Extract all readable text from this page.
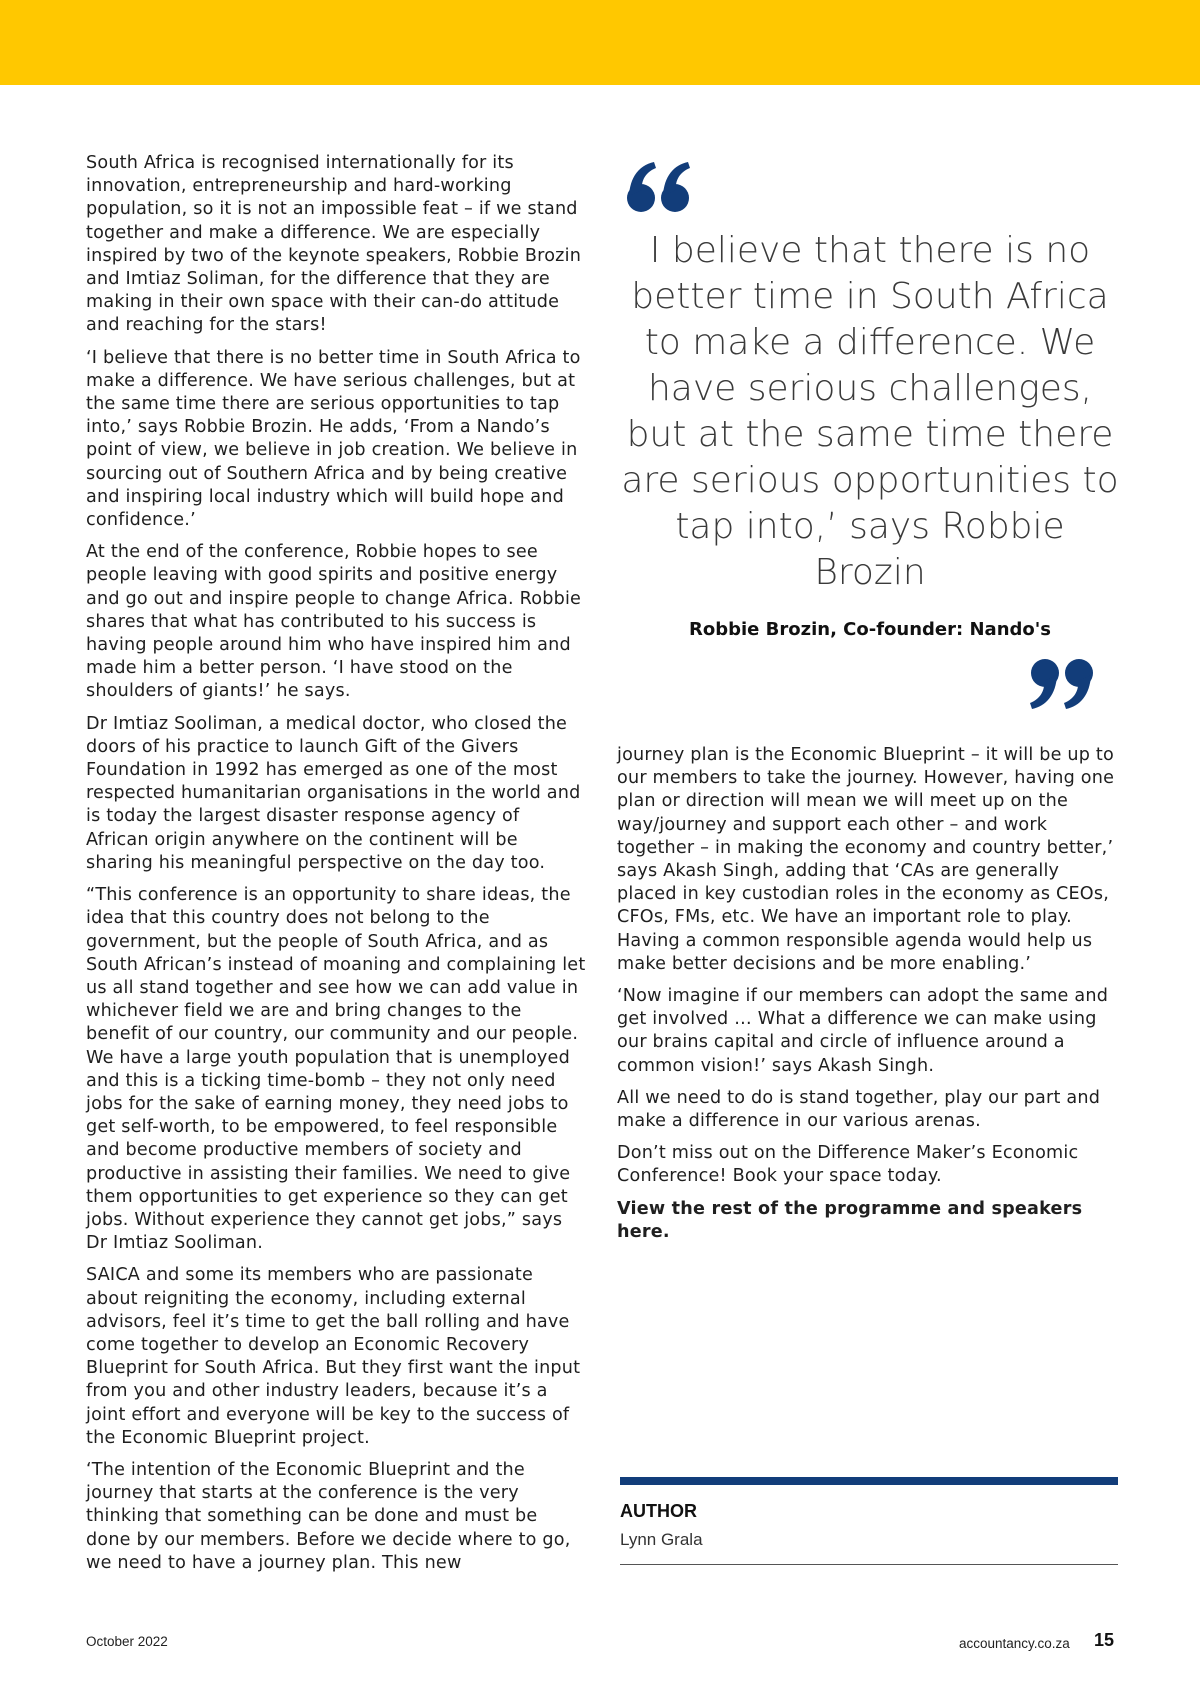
South Africa is recognised internationally for its innovation, entrepreneurship and hard-working population, so it is not an impossible feat – if we stand together and make a difference. We are especially inspired by two of the keynote speakers, Robbie Brozin and Imtiaz Soliman, for the difference that they are making in their own space with their can-do attitude and reaching for the stars!

‘I believe that there is no better time in South Africa to make a difference. We have serious challenges, but at the same time there are serious opportunities to tap into,’ says Robbie Brozin. He adds, ‘From a Nando’s point of view, we believe in job creation. We believe in sourcing out of Southern Africa and by being creative and inspiring local industry which will build hope and confidence.’

At the end of the conference, Robbie hopes to see people leaving with good spirits and positive energy and go out and inspire people to change Africa. Robbie shares that what has contributed to his success is having people around him who have inspired him and made him a better person. ‘I have stood on the shoulders of giants!’ he says.

Dr Imtiaz Sooliman, a medical doctor, who closed the doors of his practice to launch Gift of the Givers Foundation in 1992 has emerged as one of the most respected humanitarian organisations in the world and is today the largest disaster response agency of African origin anywhere on the continent will be sharing his meaningful perspective on the day too.

“This conference is an opportunity to share ideas, the idea that this country does not belong to the government, but the people of South Africa, and as South African’s instead of moaning and complaining let us all stand together and see how we can add value in whichever field we are and bring changes to the benefit of our country, our community and our people. We have a large youth population that is unemployed and this is a ticking time-bomb – they not only need jobs for the sake of earning money, they need jobs to get self-worth, to be empowered, to feel responsible and become productive members of society and productive in assisting their families. We need to give them opportunities to get experience so they can get jobs. Without experience they cannot get jobs,” says Dr Imtiaz Sooliman.

SAICA and some its members who are passionate about reigniting the economy, including external advisors, feel it’s time to get the ball rolling and have come together to develop an Economic Recovery Blueprint for South Africa. But they first want the input from you and other industry leaders, because it’s a joint effort and everyone will be key to the success of the Economic Blueprint project.

‘The intention of the Economic Blueprint and the journey that starts at the conference is the very thinking that something can be done and must be done by our members. Before we decide where to go, we need to have a journey plan. This new

I believe that there is no better time in South Africa to make a difference. We have serious challenges, but at the same time there are serious opportunities to tap into,’ says Robbie Brozin
Robbie Brozin, Co-founder: Nando's

journey plan is the Economic Blueprint – it will be up to our members to take the journey. However, having one plan or direction will mean we will meet up on the way/journey and support each other – and work together – in making the economy and country better,’ says Akash Singh, adding that ‘CAs are generally placed in key custodian roles in the economy as CEOs, CFOs, FMs, etc. We have an important role to play. Having a common responsible agenda would help us make better decisions and be more enabling.’

‘Now imagine if our members can adopt the same and get involved … What a difference we can make using our brains capital and circle of influence around a common vision!’ says Akash Singh.

All we need to do is stand together, play our part and make a difference in our various arenas.

Don’t miss out on the Difference Maker’s Economic Conference! Book your space today.

View the rest of the programme and speakers here.

AUTHOR
Lynn Grala
October 2022	accountancy.co.za 15
